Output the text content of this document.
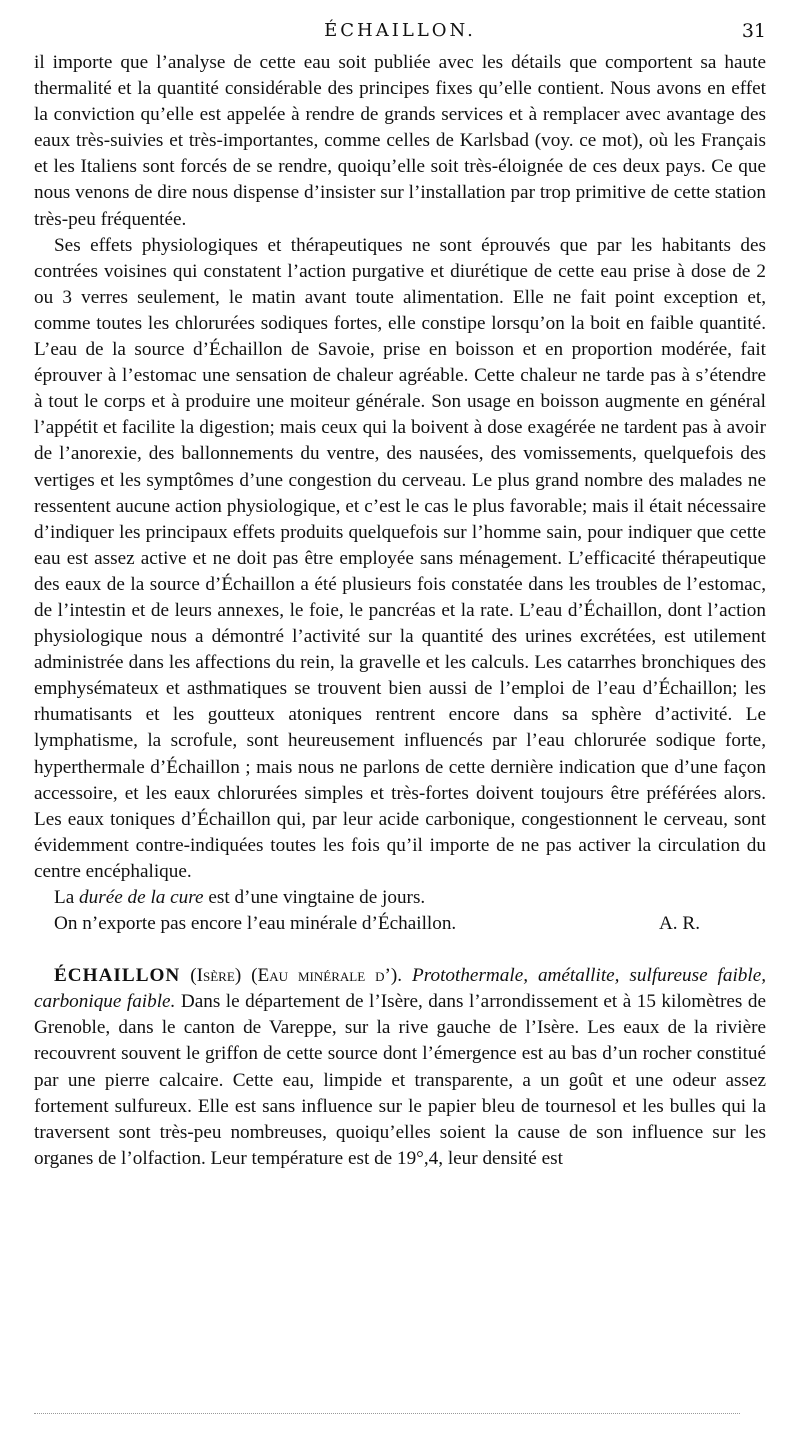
ÉCHAILLON.	31

il importe que l’analyse de cette eau soit publiée avec les détails que comportent sa haute thermalité et la quantité considérable des principes fixes qu’elle contient. Nous avons en effet la conviction qu’elle est appelée à rendre de grands services et à remplacer avec avantage des eaux très-suivies et très-importantes, comme celles de Karlsbad (voy. ce mot), où les Français et les Italiens sont forcés de se rendre, quoiqu’elle soit très-éloignée de ces deux pays. Ce que nous venons de dire nous dispense d’insister sur l’installation par trop primitive de cette station très-peu fréquentée.

Ses effets physiologiques et thérapeutiques ne sont éprouvés que par les habitants des contrées voisines qui constatent l’action purgative et diurétique de cette eau prise à dose de 2 ou 3 verres seulement, le matin avant toute alimentation. Elle ne fait point exception et, comme toutes les chlorurées sodiques fortes, elle constipe lorsqu’on la boit en faible quantité. L’eau de la source d’Échaillon de Savoie, prise en boisson et en proportion modérée, fait éprouver à l’estomac une sensation de chaleur agréable. Cette chaleur ne tarde pas à s’étendre à tout le corps et à produire une moiteur générale. Son usage en boisson augmente en général l’appétit et facilite la digestion; mais ceux qui la boivent à dose exagérée ne tardent pas à avoir de l’anorexie, des ballonnements du ventre, des nausées, des vomissements, quelquefois des vertiges et les symptômes d’une congestion du cerveau. Le plus grand nombre des malades ne ressentent aucune action physiologique, et c’est le cas le plus favorable; mais il était nécessaire d’indiquer les principaux effets produits quelquefois sur l’homme sain, pour indiquer que cette eau est assez active et ne doit pas être employée sans ménagement. L’efficacité thérapeutique des eaux de la source d’Échaillon a été plusieurs fois constatée dans les troubles de l’estomac, de l’intestin et de leurs annexes, le foie, le pancréas et la rate. L’eau d’Échaillon, dont l’action physiologique nous a démontré l’activité sur la quantité des urines excrétées, est utilement administrée dans les affections du rein, la gravelle et les calculs. Les catarrhes bronchiques des emphysémateux et asthmatiques se trouvent bien aussi de l’emploi de l’eau d’Échaillon; les rhumatisants et les goutteux atoniques rentrent encore dans sa sphère d’activité. Le lymphatisme, la scrofule, sont heureusement influencés par l’eau chlorurée sodique forte, hyperthermale d’Échaillon ; mais nous ne parlons de cette dernière indication que d’une façon accessoire, et les eaux chlorurées simples et très-fortes doivent toujours être préférées alors. Les eaux toniques d’Échaillon qui, par leur acide carbonique, congestionnent le cerveau, sont évidemment contre-indiquées toutes les fois qu’il importe de ne pas activer la circulation du centre encéphalique.

La durée de la cure est d’une vingtaine de jours.

On n’exporte pas encore l’eau minérale d’Échaillon.	A. R.

ÉCHAILLON (Isère) (Eau minérale d’). Protothermale, amétallite, sulfureuse faible, carbonique faible. Dans le département de l’Isère, dans l’arrondissement et à 15 kilomètres de Grenoble, dans le canton de Vareppe, sur la rive gauche de l’Isère. Les eaux de la rivière recouvrent souvent le griffon de cette source dont l’émergence est au bas d’un rocher constitué par une pierre calcaire. Cette eau, limpide et transparente, a un goût et une odeur assez fortement sulfureux. Elle est sans influence sur le papier bleu de tournesol et les bulles qui la traversent sont très-peu nombreuses, quoiqu’elles soient la cause de son influence sur les organes de l’olfaction. Leur température est de 19°,4, leur densité est
